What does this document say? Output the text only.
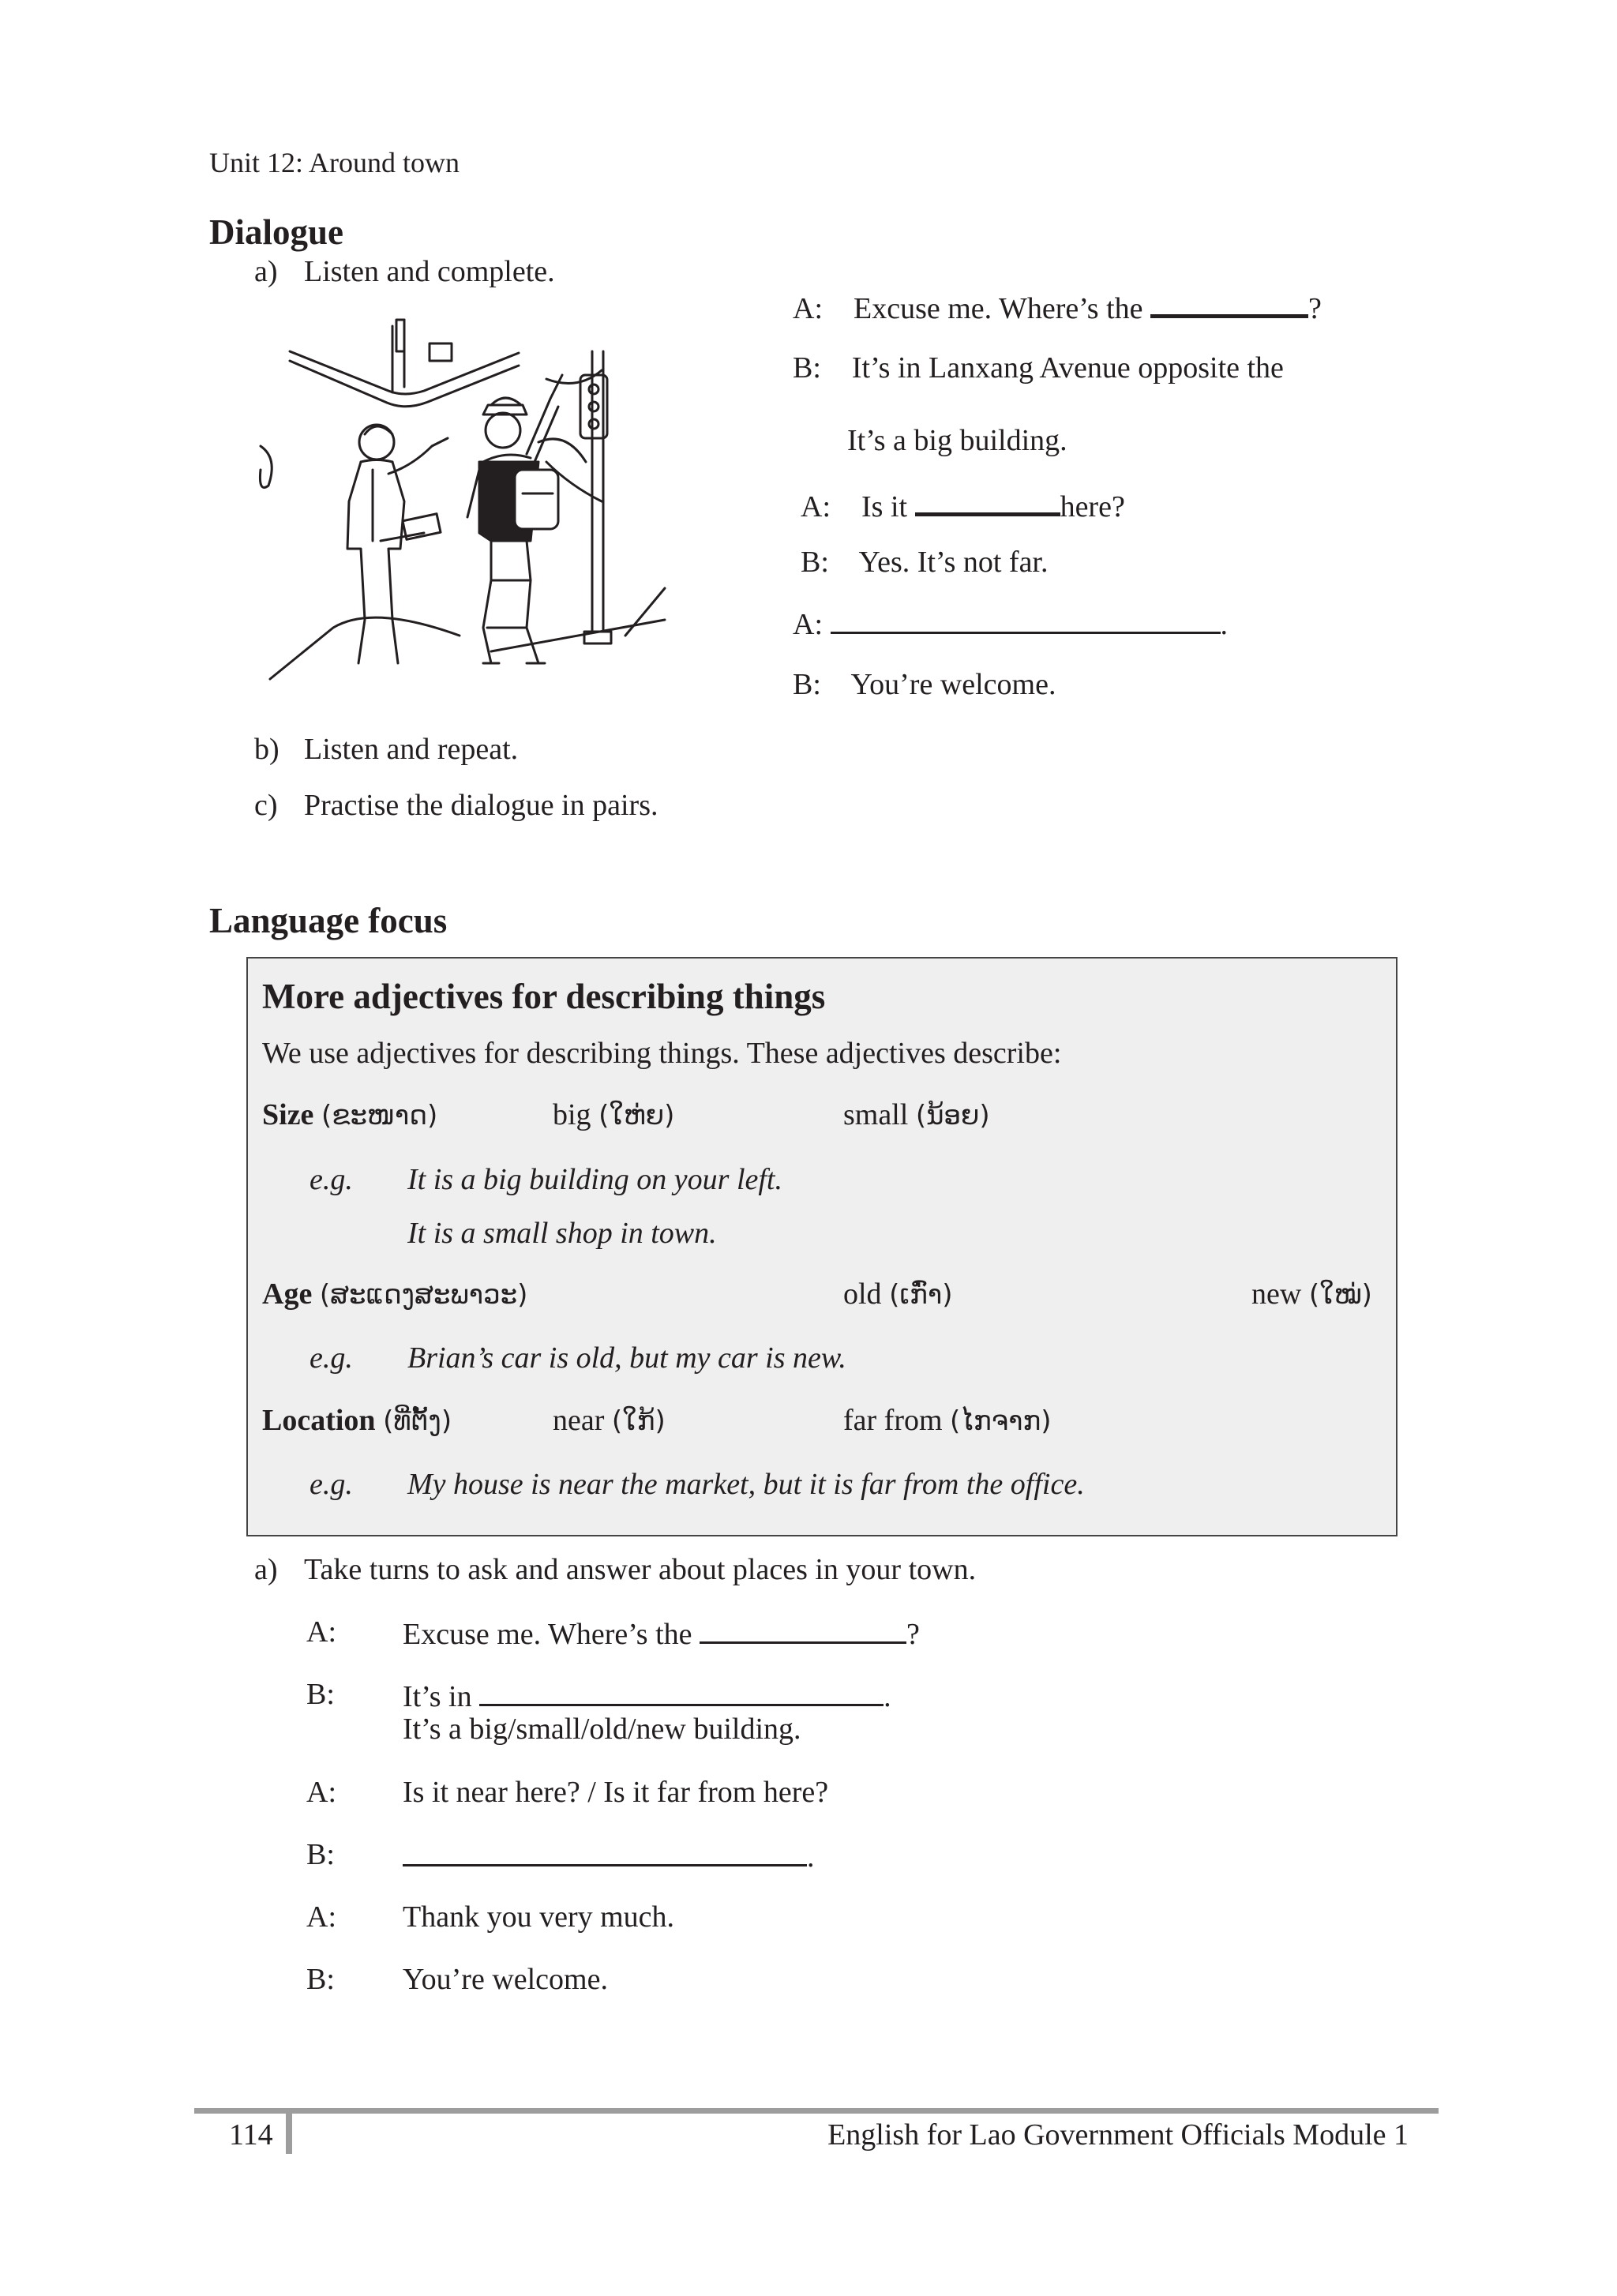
Unit 12: Around town
Dialogue
a) Listen and complete.
A: Excuse me. Where’s the	?
B: It’s in Lanxang Avenue opposite the
It’s a big building.
A: Is it	here?
B: Yes. It’s not far.
A:	.
B: You’re welcome.
b) Listen and repeat.
c) Practise the dialogue in pairs.
Language focus
More adjectives for describing things
We use adjectives for describing things. These adjectives describe:
Size (ຂະໜາດ)	big (ໃຫ່ຍ)	small (ນ້ອຍ)
e.g. It is a big building on your left.
It is a small shop in town.
Age (ສະແດງສະພາວະ)	old (ເກົ່າ)	new (ໃໝ່)
e.g. Brian’s car is old, but my car is new.
Location (ທີ່ຕັ້ງ)	near (ໃກ້)	far from (ໄກຈາກ)
e.g. My house is near the market, but it is far from the office.
a) Take turns to ask and answer about places in your town.
A: Excuse me. Where’s the	?
B: It’s in	.
It’s a big/small/old/new building.
A: Is it near here? / Is it far from here?
B:	.
A: Thank you very much.
B: You’re welcome.
114	English for Lao Government Officials Module 1
